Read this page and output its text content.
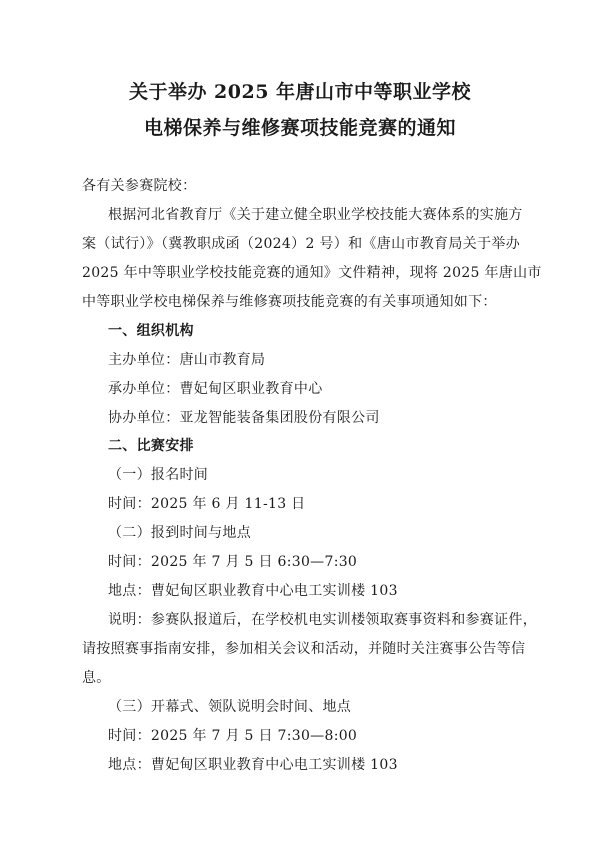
关于举办 2025 年唐山市中等职业学校
电梯保养与维修赛项技能竞赛的通知
各有关参赛院校：
根据河北省教育厅《关于建立健全职业学校技能大赛体系的实施方
案（试行）》（冀教职成函（2024）2 号）和《唐山市教育局关于举办
2025 年中等职业学校技能竞赛的通知》文件精神，现将 2025 年唐山市
中等职业学校电梯保养与维修赛项技能竞赛的有关事项通知如下：
一、组织机构
主办单位：唐山市教育局
承办单位：曹妃甸区职业教育中心
协办单位：亚龙智能装备集团股份有限公司
二、比赛安排
（一）报名时间
时间：2025 年 6 月 11-13 日
（二）报到时间与地点
时间：2025 年 7 月 5 日 6:30—7:30
地点：曹妃甸区职业教育中心电工实训楼 103
说明：参赛队报道后，在学校机电实训楼领取赛事资料和参赛证件，
请按照赛事指南安排，参加相关会议和活动，并随时关注赛事公告等信
息。
（三）开幕式、领队说明会时间、地点
时间：2025 年 7 月 5 日 7:30—8:00
地点：曹妃甸区职业教育中心电工实训楼 103
